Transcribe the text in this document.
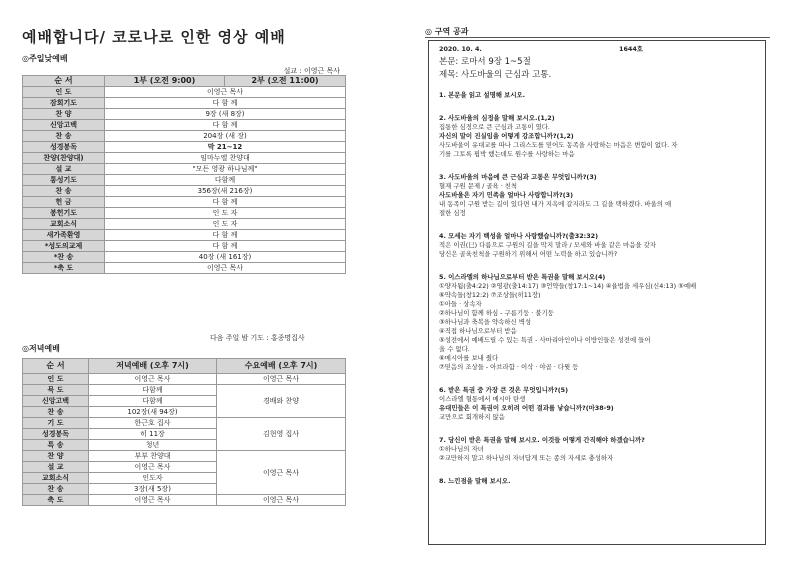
예배합니다/ 코로나로 인한 영상 예배
◎주일낮예배
설교 : 이영근 목사
순 서	1부 (오전 9:00)	2부 (오전 11:00)
인 도	이영근 목사	
잠회기도	다 함 께	
찬 양	9장 (새 8장)	
신앙고백	다 함 께	
찬 송	204장 (새 장)	
성경봉독	막 21~12	
찬양(찬양대)	임마누엘 찬양대	
설 교	"모든 영광 하나님께"	
통성기도	다함께	
찬 송	356장(새 216장)	
헌 금	다 함 께	
봉헌기도	인 도 자	
교회소식	인 도 자	
새가족환영	다 함 께	
*성도의교제	다 함 께	
*찬 송	40장 (새 161장)	
*축 도	이영근 목사	
다음 주일 밤 기도 : 홍종명집사
◎저녁예배
순 서	저녁예배 (오후 7시)	수요예배 (오후 7시)
인 도	이영근 목사	이영근 목사
묵 도	다함께	경배와 찬양
신앙고백	다함께	
찬 송	102장(새 94장)	
기 도	한근호 집사	김현영 집사
성경봉독	히 11장	
특 송	청년	
찬 양	부부 찬양대	이영근 목사
설 교	이영근 목사	
교회소식	인도자	
찬 송	3장(새 5장)	
축 도	이영근 목사	이영근 목사
◎ 구역 공과
2020. 10. 4.	1644호
본문: 로마서 9장 1~5절
제목: 사도바울의 근심과 고통.
1. 본문을 읽고 설명해 보시오.
2. 사도바울의 심정을 말해 보시오.(1,2)
집통한 심정으로 큰 근심과 고통이 였다.
자신의 말이 진실임을 어떻게 강조합니까?(1,2)
사도바울이 유대교를 따나 그리스도를 믿어도 동족을 사랑하는 마음은 변함이 없다. 자
기를 그토록 핍박 했는데도 원수를 사랑하는 마음
3. 사도바울의 마음에 큰 근심과 고통은 무엇입니까?(3)
혈재 구원 문제 / 골육 · 친척
사도바울은 자기 민족을 얼마나 사랑합니까?(3)
내 동족이 구원 받는 길이 있다면 내가 지옥에 갈지라도 그 길을 택하겠다. 바울의 애
절한 심정
4. 모세는 자기 백성을 얼마나 사랑했습니까?(출32:32)
적은 이권(巳) 다름으로 구원의 길을 막지 말라 / 모세와 바울 같은 마음을 갖자
당신은 골육친척을 구원하기 위해서 어떤 노력을 하고 있습니까?
5. 이스라엘의 하나님으로부터 받은 특권을 말해 보시오(4)
①양자됨(출4:22) ②영광(출14:17) ③언약들(창17:1~14) ④율법을 세우심(신4:13) ⑤예배
⑥약속들(창12:2) ⑦조상들(히11장)
①아들 · 상속자
②하나님이 함께 하심 - 구름기둥 · 불기둥
③하나님과 축복을 약속하신 벽성
④직접 하나님으로부터 받음
⑤성전에서 예배드릴 수 있는 특권 - 사마리아인이나 이방인들은 성전에 들어
올 수 없다.
⑥메시아를 보내 줬다
⑦믿음의 조상들 - 아브라함 · 이삭 · 야곱 · 다윗 등
6. 받은 특권 중 가장 큰 것은 무엇입니까?(5)
이스라엘 혈통에서 메시아 탄생
유대민들은 이 특권이 오히려 어떤 결과를 낳습니까?(마38-9)
교만으로 회개하지 않음
7. 당신이 받은 특권을 말해 보시오. 이것들 어떻게 간직해야 하겠습니까?
①하나님의 자녀
②교만하지 말고 하나님의 자녀답게 또는 종의 자세로 충성하자
8. 느낀점을 말해 보시오.
